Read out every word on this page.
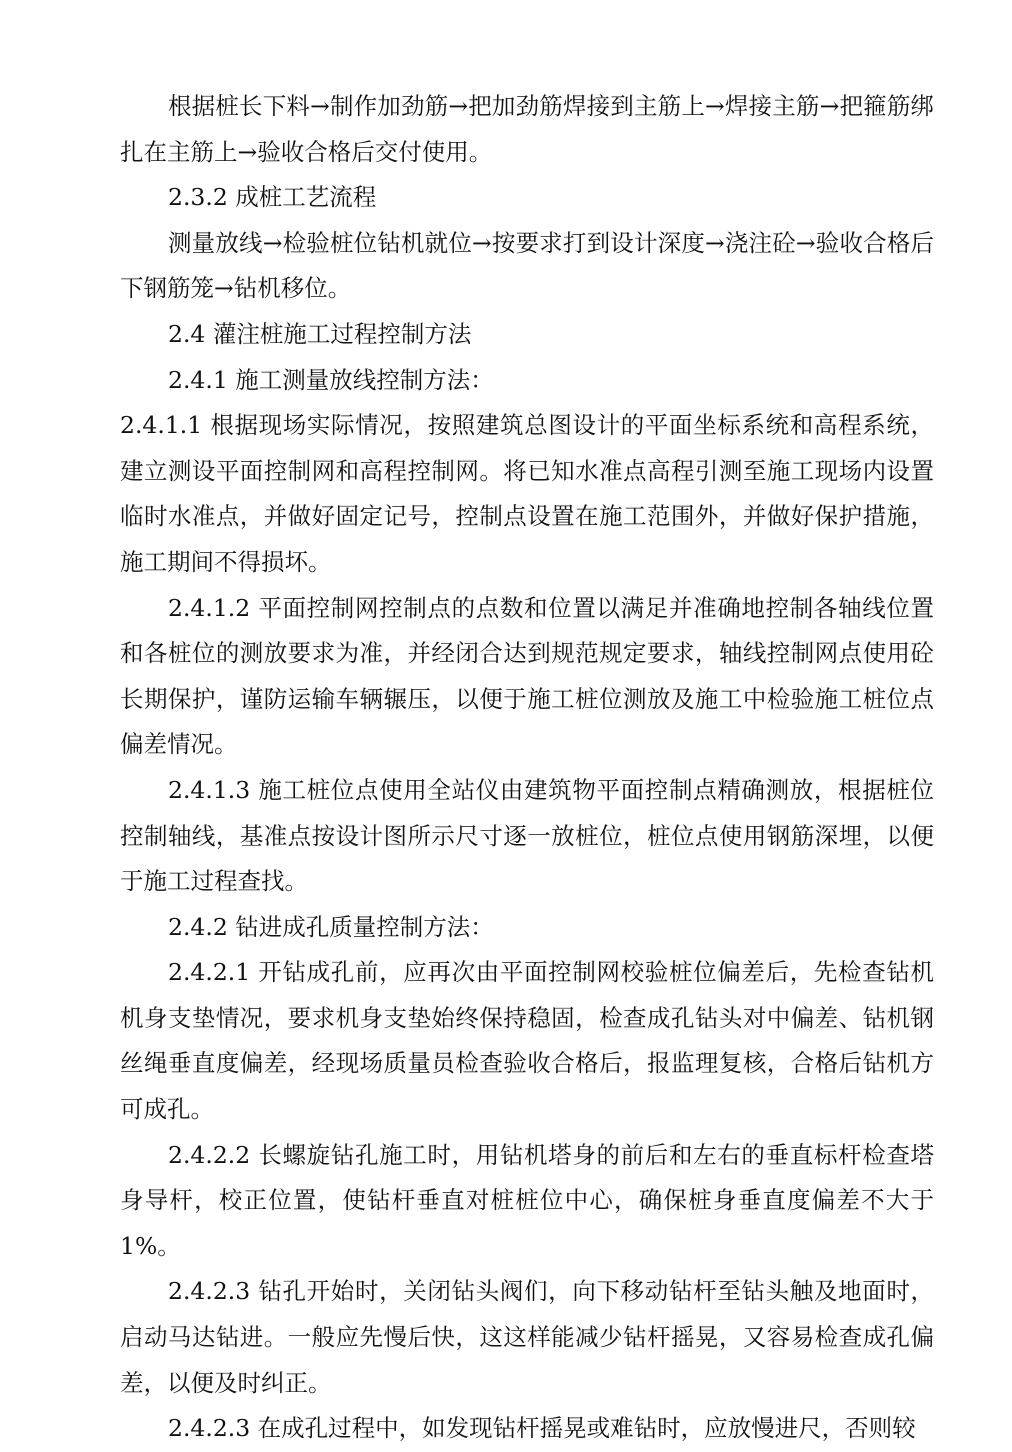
根据桩长下料→制作加劲筋→把加劲筋焊接到主筋上→焊接主筋→把箍筋绑扎在主筋上→验收合格后交付使用。

2.3.2 成桩工艺流程

测量放线→检验桩位钻机就位→按要求打到设计深度→浇注砼→验收合格后下钢筋笼→钻机移位。

2.4 灌注桩施工过程控制方法

2.4.1 施工测量放线控制方法：

2.4.1.1 根据现场实际情况，按照建筑总图设计的平面坐标系统和高程系统，建立测设平面控制网和高程控制网。将已知水准点高程引测至施工现场内设置临时水准点，并做好固定记号，控制点设置在施工范围外，并做好保护措施，施工期间不得损坏。

2.4.1.2 平面控制网控制点的点数和位置以满足并准确地控制各轴线位置和各桩位的测放要求为准，并经闭合达到规范规定要求，轴线控制网点使用砼长期保护，谨防运输车辆辗压，以便于施工桩位测放及施工中检验施工桩位点偏差情况。

2.4.1.3 施工桩位点使用全站仪由建筑物平面控制点精确测放，根据桩位控制轴线，基准点按设计图所示尺寸逐一放桩位，桩位点使用钢筋深埋，以便于施工过程查找。

2.4.2 钻进成孔质量控制方法：

2.4.2.1 开钻成孔前，应再次由平面控制网校验桩位偏差后，先检查钻机机身支垫情况，要求机身支垫始终保持稳固，检查成孔钻头对中偏差、钻机钢丝绳垂直度偏差，经现场质量员检查验收合格后，报监理复核，合格后钻机方可成孔。

2.4.2.2 长螺旋钻孔施工时，用钻机塔身的前后和左右的垂直标杆检查塔身导杆，校正位置，使钻杆垂直对桩桩位中心，确保桩身垂直度偏差不大于 1%。

2.4.2.3 钻孔开始时，关闭钻头阀们，向下移动钻杆至钻头触及地面时，启动马达钻进。一般应先慢后快，这这样能减少钻杆摇晃，又容易检查成孔偏差，以便及时纠正。

2.4.2.3 在成孔过程中，如发现钻杆摇晃或难钻时，应放慢进尺，否则较
